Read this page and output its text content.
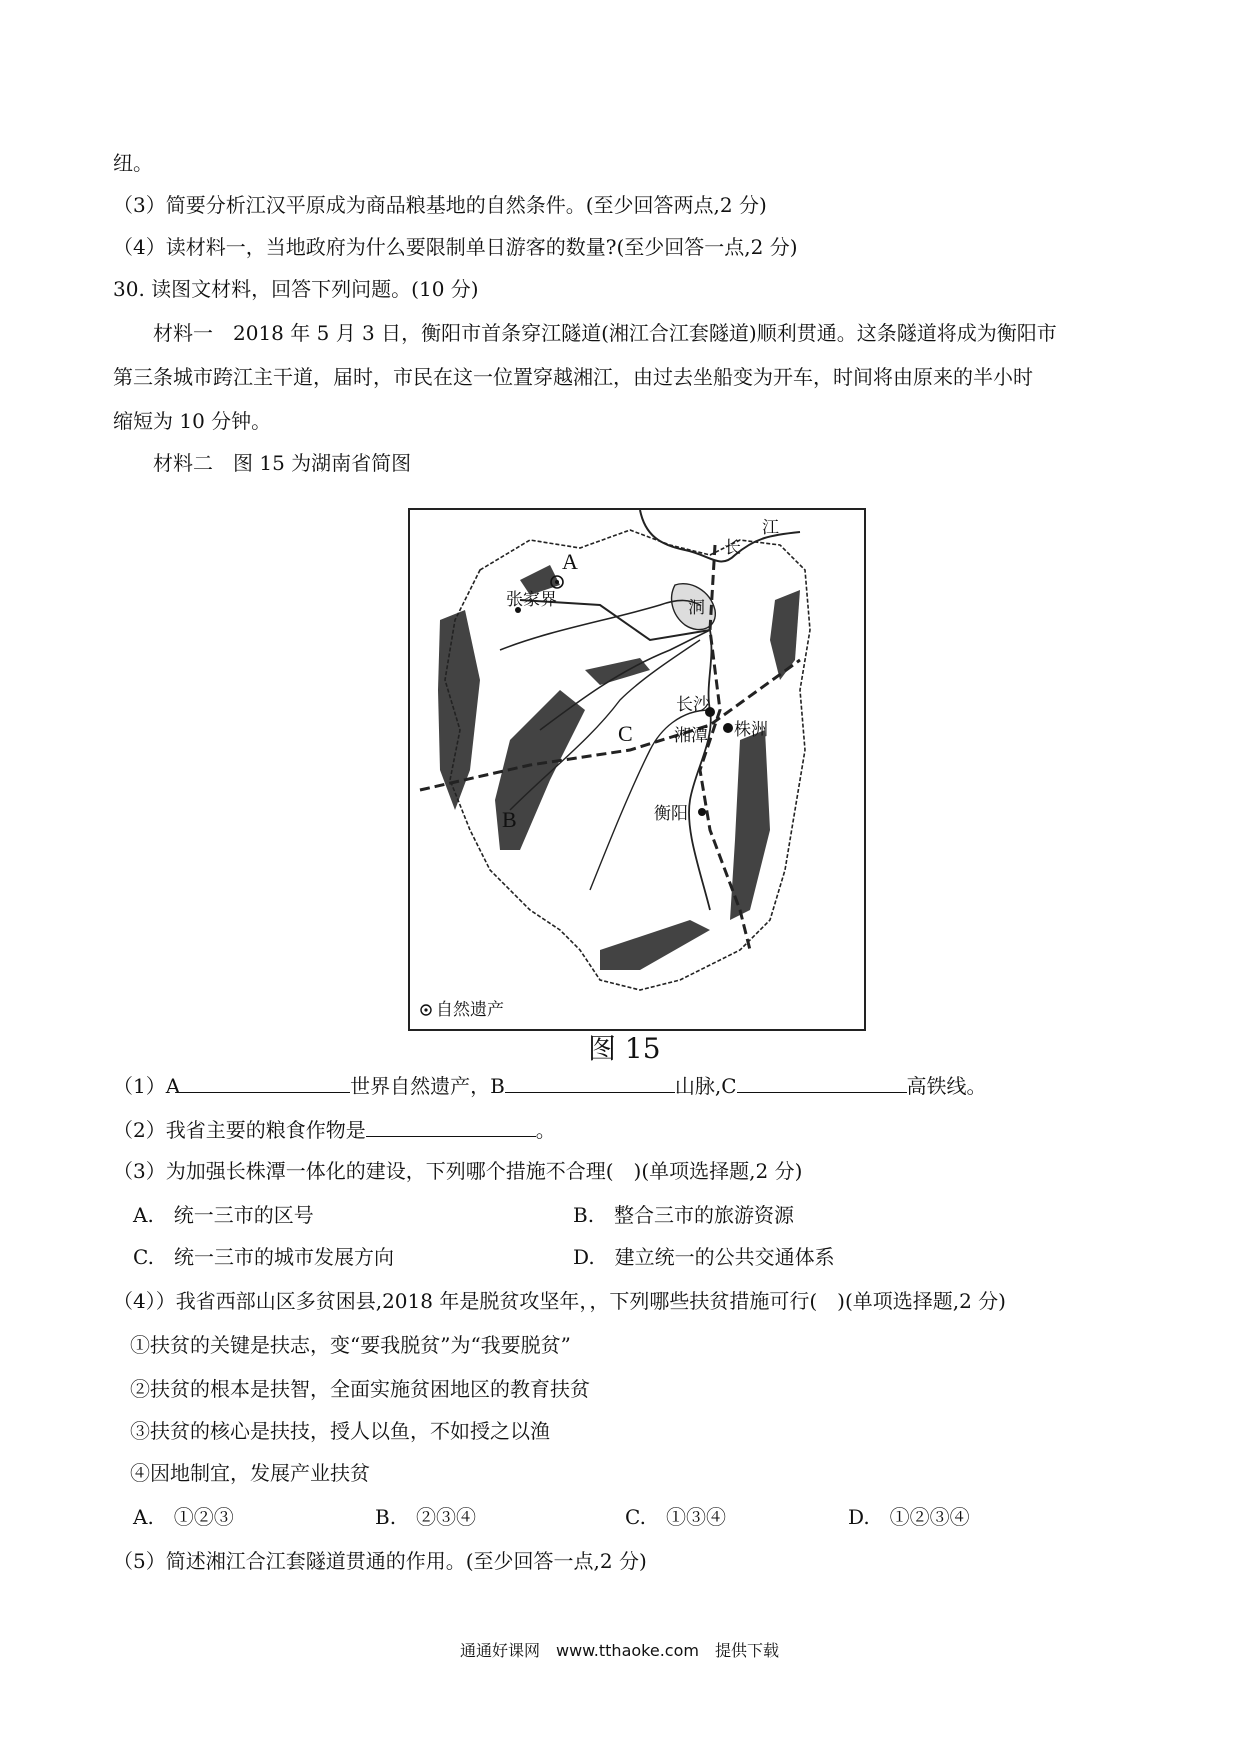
纽。
（3）简要分析江汉平原成为商品粮基地的自然条件。(至少回答两点,2 分)
（4）读材料一，当地政府为什么要限制单日游客的数量?(至少回答一点,2 分)
30. 读图文材料，回答下列问题。(10 分)
材料一　2018 年 5 月 3 日，衡阳市首条穿江隧道(湘江合江套隧道)顺利贯通。这条隧道将成为衡阳市
第三条城市跨江主干道，届时，市民在这一位置穿越湘江，由过去坐船变为开车，时间将由原来的半小时
缩短为 10 分钟。
材料二　图 15 为湖南省简图
A
B
C
张家界
长
江
洞
长沙
株洲
湘潭
衡阳
自然遗产
图 15
（1）A	世界自然遗产，B	山脉,C	高铁线。
（2）我省主要的粮食作物是	。
（3）为加强长株潭一体化的建设，下列哪个措施不合理(　)(单项选择题,2 分)
A.　统一三市的区号	B.　整合三市的旅游资源
C.　统一三市的城市发展方向	D.　建立统一的公共交通体系
（4））我省西部山区多贫困县,2018 年是脱贫攻坚年，，下列哪些扶贫措施可行(　)(单项选择题,2 分)
①扶贫的关键是扶志，变“要我脱贫”为“我要脱贫”
②扶贫的根本是扶智，全面实施贫困地区的教育扶贫
③扶贫的核心是扶技，授人以鱼，不如授之以渔
④因地制宜，发展产业扶贫
A.　①②③	B.　②③④	C.　①③④	D.　①②③④
（5）简述湘江合江套隧道贯通的作用。(至少回答一点,2 分)
通通好课网　www.tthaoke.com　提供下载
